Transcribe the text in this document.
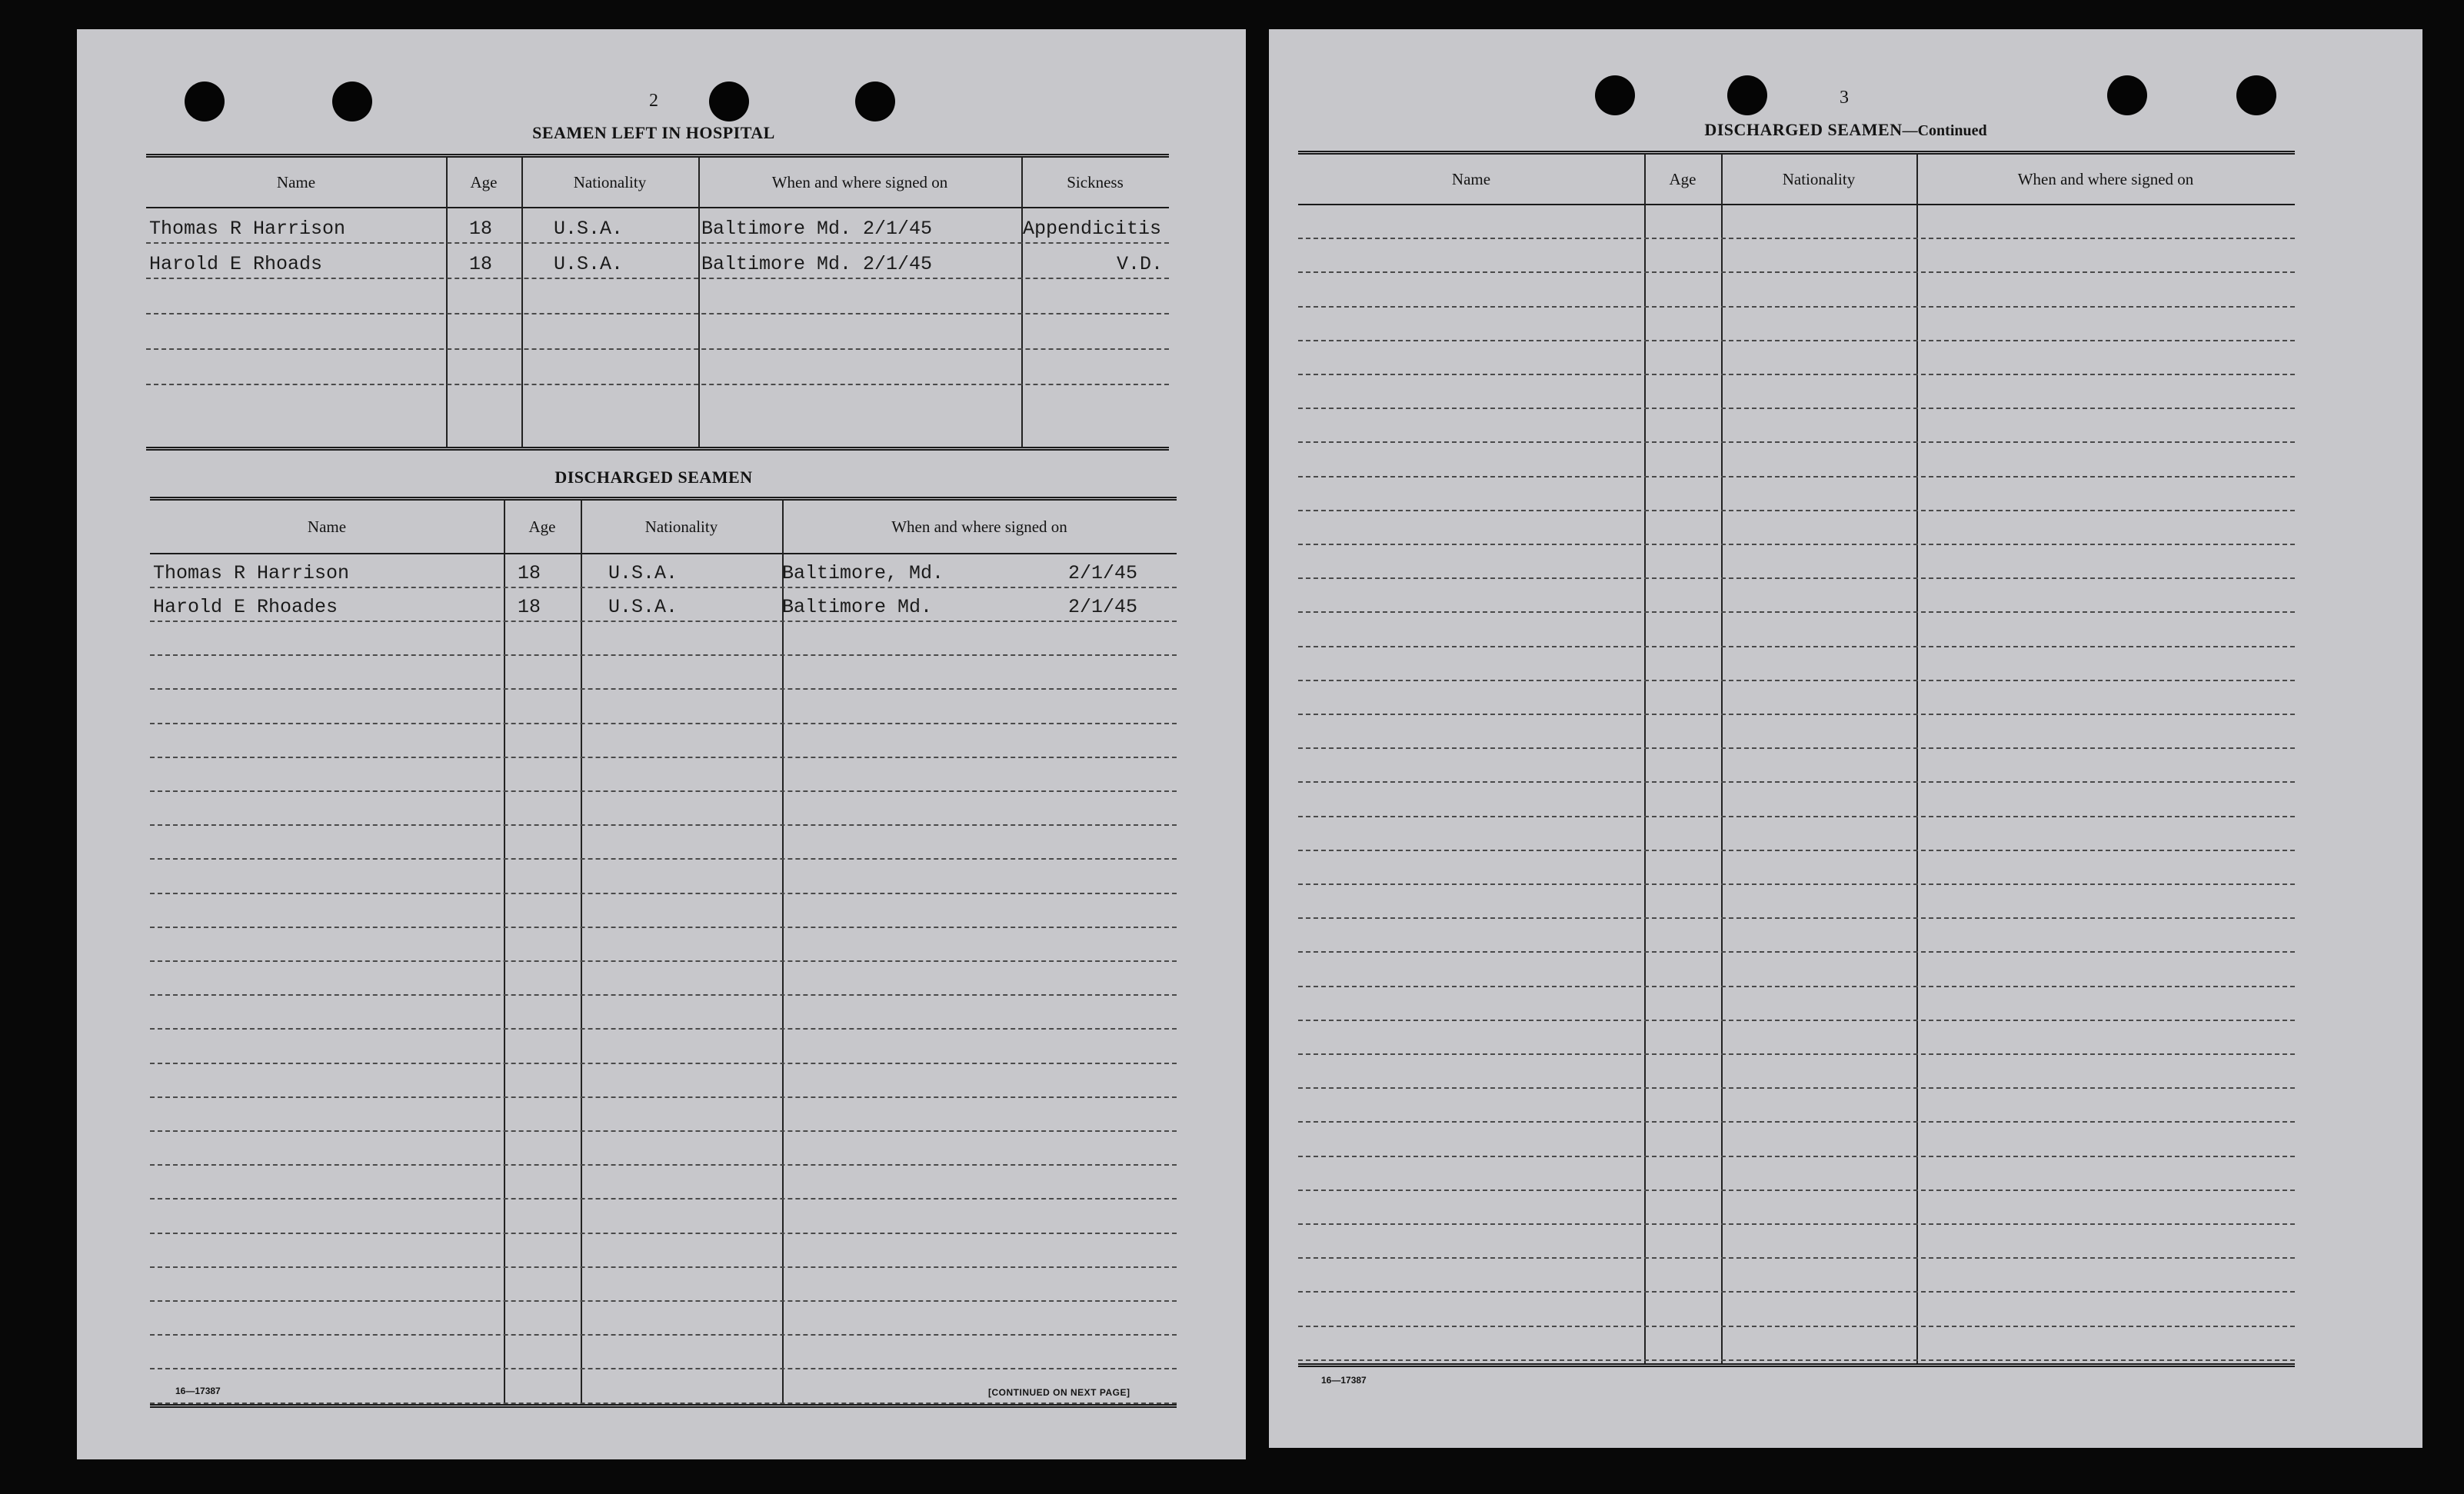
2
SEAMEN LEFT IN HOSPITAL
Name	Age	Nationality	When and where signed on	Sickness
Thomas R Harrison	18	U.S.A.	Baltimore Md. 2/1/45	Appendicitis
Harold E Rhoads	18	U.S.A.	Baltimore Md. 2/1/45	V.D.
DISCHARGED SEAMEN
Name	Age	Nationality	When and where signed on
Thomas R Harrison	18	U.S.A.	Baltimore, Md.	2/1/45
Harold E Rhoades	18	U.S.A.	Baltimore Md.	2/1/45
16—17387	[CONTINUED ON NEXT PAGE]
3
DISCHARGED SEAMEN—Continued
Name	Age	Nationality	When and where signed on
16—17387
